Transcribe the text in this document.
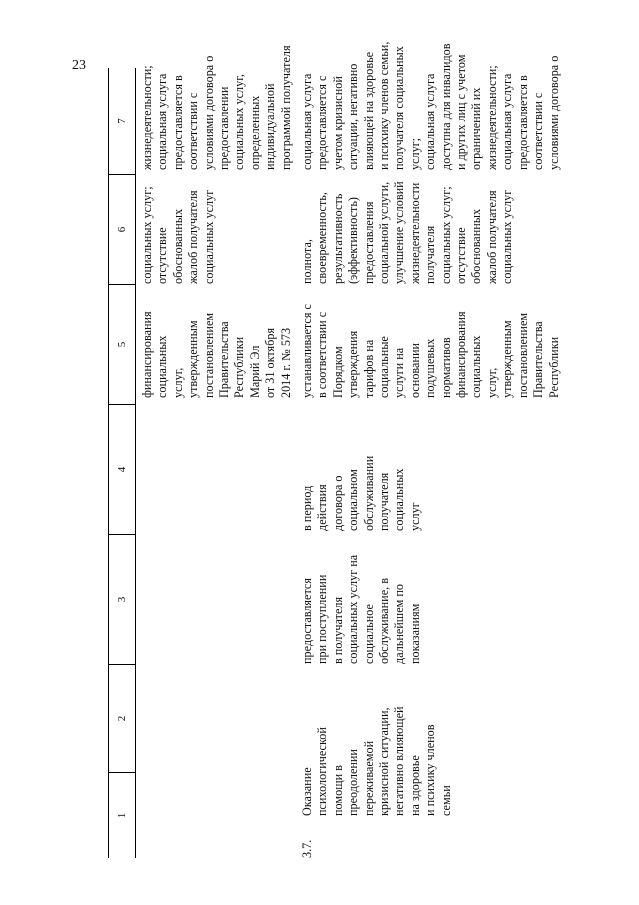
23
1
2
3
4
5
6
7
финансирования социальных услуг, утвержденным постановлением Правительства Республики Марий Эл от 31 октября 2014 г. № 573
социальных услуг; отсутствие обоснованных жалоб получателя социальных услуг
жизнедеятельности; социальная услуга предоставляется в соответствии с условиями договора о предоставлении социальных услуг, определенных индивидуальной программой получателя
3.7.
Оказание психологической помощи в преодолении переживаемой кризисной ситуации, негативно влияющей на здоровье и психику членов семьи
предоставляется при поступлении в получателя социальных услуг на социальное обслуживание, в дальнейшем по показаниям
в период действия договора о социальном обслуживании получателя социальных услуг
устанавливается с в соответствии с Порядком утверждения тарифов на социальные услуги на основании подушевых нормативов финансирования социальных услуг, утвержденным постановлением Правительства Республики
полнота, своевременность, результативность (эффективность) предоставления социальной услуги, улучшение условий жизнедеятельности получателя социальных услуг; отсутствие обоснованных жалоб получателя социальных услуг
социальная услуга предоставляется с учетом кризисной ситуации, негативно влияющей на здоровье и психику членов семьи, получателя социальных услуг; социальная услуга доступна для инвалидов и других лиц с учетом ограничений их жизнедеятельности; социальная услуга предоставляется в соответствии с условиями договора о
